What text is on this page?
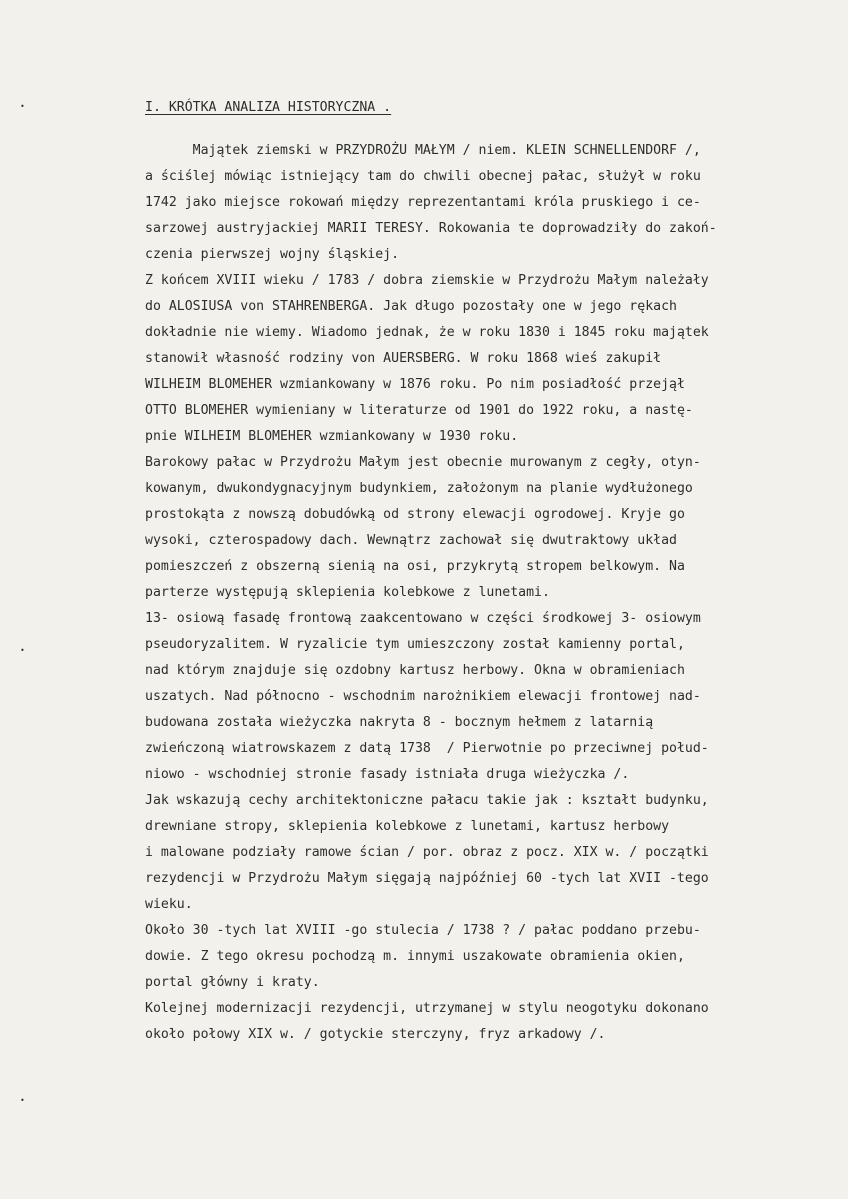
•
•
•
I. KRÓTKA ANALIZA HISTORYCZNA .
Majątek ziemski w PRZYDROŻU MAŁYM / niem. KLEIN SCHNELLENDORF /,
a ściślej mówiąc istniejący tam do chwili obecnej pałac, służył w roku
1742 jako miejsce rokowań między reprezentantami króla pruskiego i ce-
sarzowej austryjackiej MARII TERESY. Rokowania te doprowadziły do zakoń-
czenia pierwszej wojny śląskiej.
Z końcem XVIII wieku / 1783 / dobra ziemskie w Przydrożu Małym należały
do ALOSIUSA von STAHRENBERGA. Jak długo pozostały one w jego rękach
dokładnie nie wiemy. Wiadomo jednak, że w roku 1830 i 1845 roku majątek
stanowił własność rodziny von AUERSBERG. W roku 1868 wieś zakupił
WILHEIM BLOMEHER wzmiankowany w 1876 roku. Po nim posiadłość przejął
OTTO BLOMEHER wymieniany w literaturze od 1901 do 1922 roku, a nastę-
pnie WILHEIM BLOMEHER wzmiankowany w 1930 roku.
Barokowy pałac w Przydrożu Małym jest obecnie murowanym z cegły, otyn-
kowanym, dwukondygnacyjnym budynkiem, założonym na planie wydłużonego
prostokąta z nowszą dobudówką od strony elewacji ogrodowej. Kryje go
wysoki, czterospadowy dach. Wewnątrz zachował się dwutraktowy układ
pomieszczeń z obszerną sienią na osi, przykrytą stropem belkowym. Na
parterze występują sklepienia kolebkowe z lunetami.
13- osiową fasadę frontową zaakcentowano w części środkowej 3- osiowym
pseudoryzalitem. W ryzalicie tym umieszczony został kamienny portal,
nad którym znajduje się ozdobny kartusz herbowy. Okna w obramieniach
uszatych. Nad północno - wschodnim narożnikiem elewacji frontowej nad-
budowana została wieżyczka nakryta 8 - bocznym hełmem z latarnią
zwieńczoną wiatrowskazem z datą 1738  / Pierwotnie po przeciwnej połud-
niowo - wschodniej stronie fasady istniała druga wieżyczka /.
Jak wskazują cechy architektoniczne pałacu takie jak : kształt budynku,
drewniane stropy, sklepienia kolebkowe z lunetami, kartusz herbowy
i malowane podziały ramowe ścian / por. obraz z pocz. XIX w. / początki
rezydencji w Przydrożu Małym sięgają najpóźniej 60 -tych lat XVII -tego
wieku.
Około 30 -tych lat XVIII -go stulecia / 1738 ? / pałac poddano przebu-
dowie. Z tego okresu pochodzą m. innymi uszakowate obramienia okien,
portal główny i kraty.
Kolejnej modernizacji rezydencji, utrzymanej w stylu neogotyku dokonano
około połowy XIX w. / gotyckie sterczyny, fryz arkadowy /.
